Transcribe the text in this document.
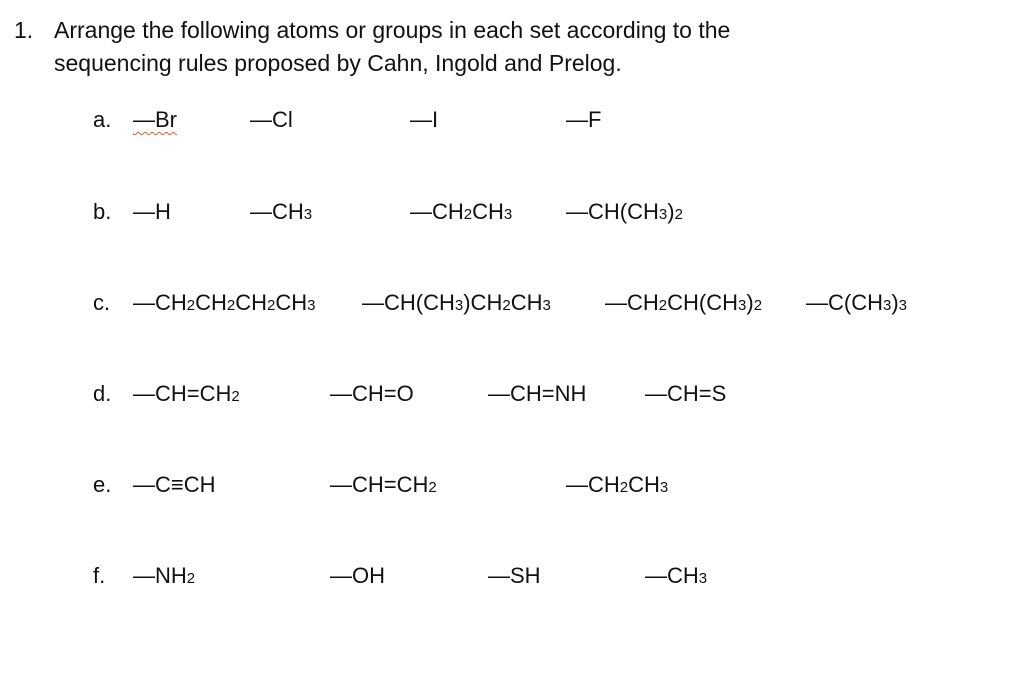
1. Arrange the following atoms or groups in each set according to the
sequencing rules proposed by Cahn, Ingold and Prelog.
a. —Br	—Cl	—I	—F
b. —H	—CH3	—CH2CH3 —CH(CH3)2
c. —CH2CH2CH2CH3 —CH(CH3)CH2CH3 —CH2CH(CH3)2 —C(CH3)3
d. —CH=CH2	—CH=O	—CH=NH	—CH=S
e. —C≡CH	—CH=CH2	—CH2CH3
f. —NH2	—OH	—SH	—CH3
